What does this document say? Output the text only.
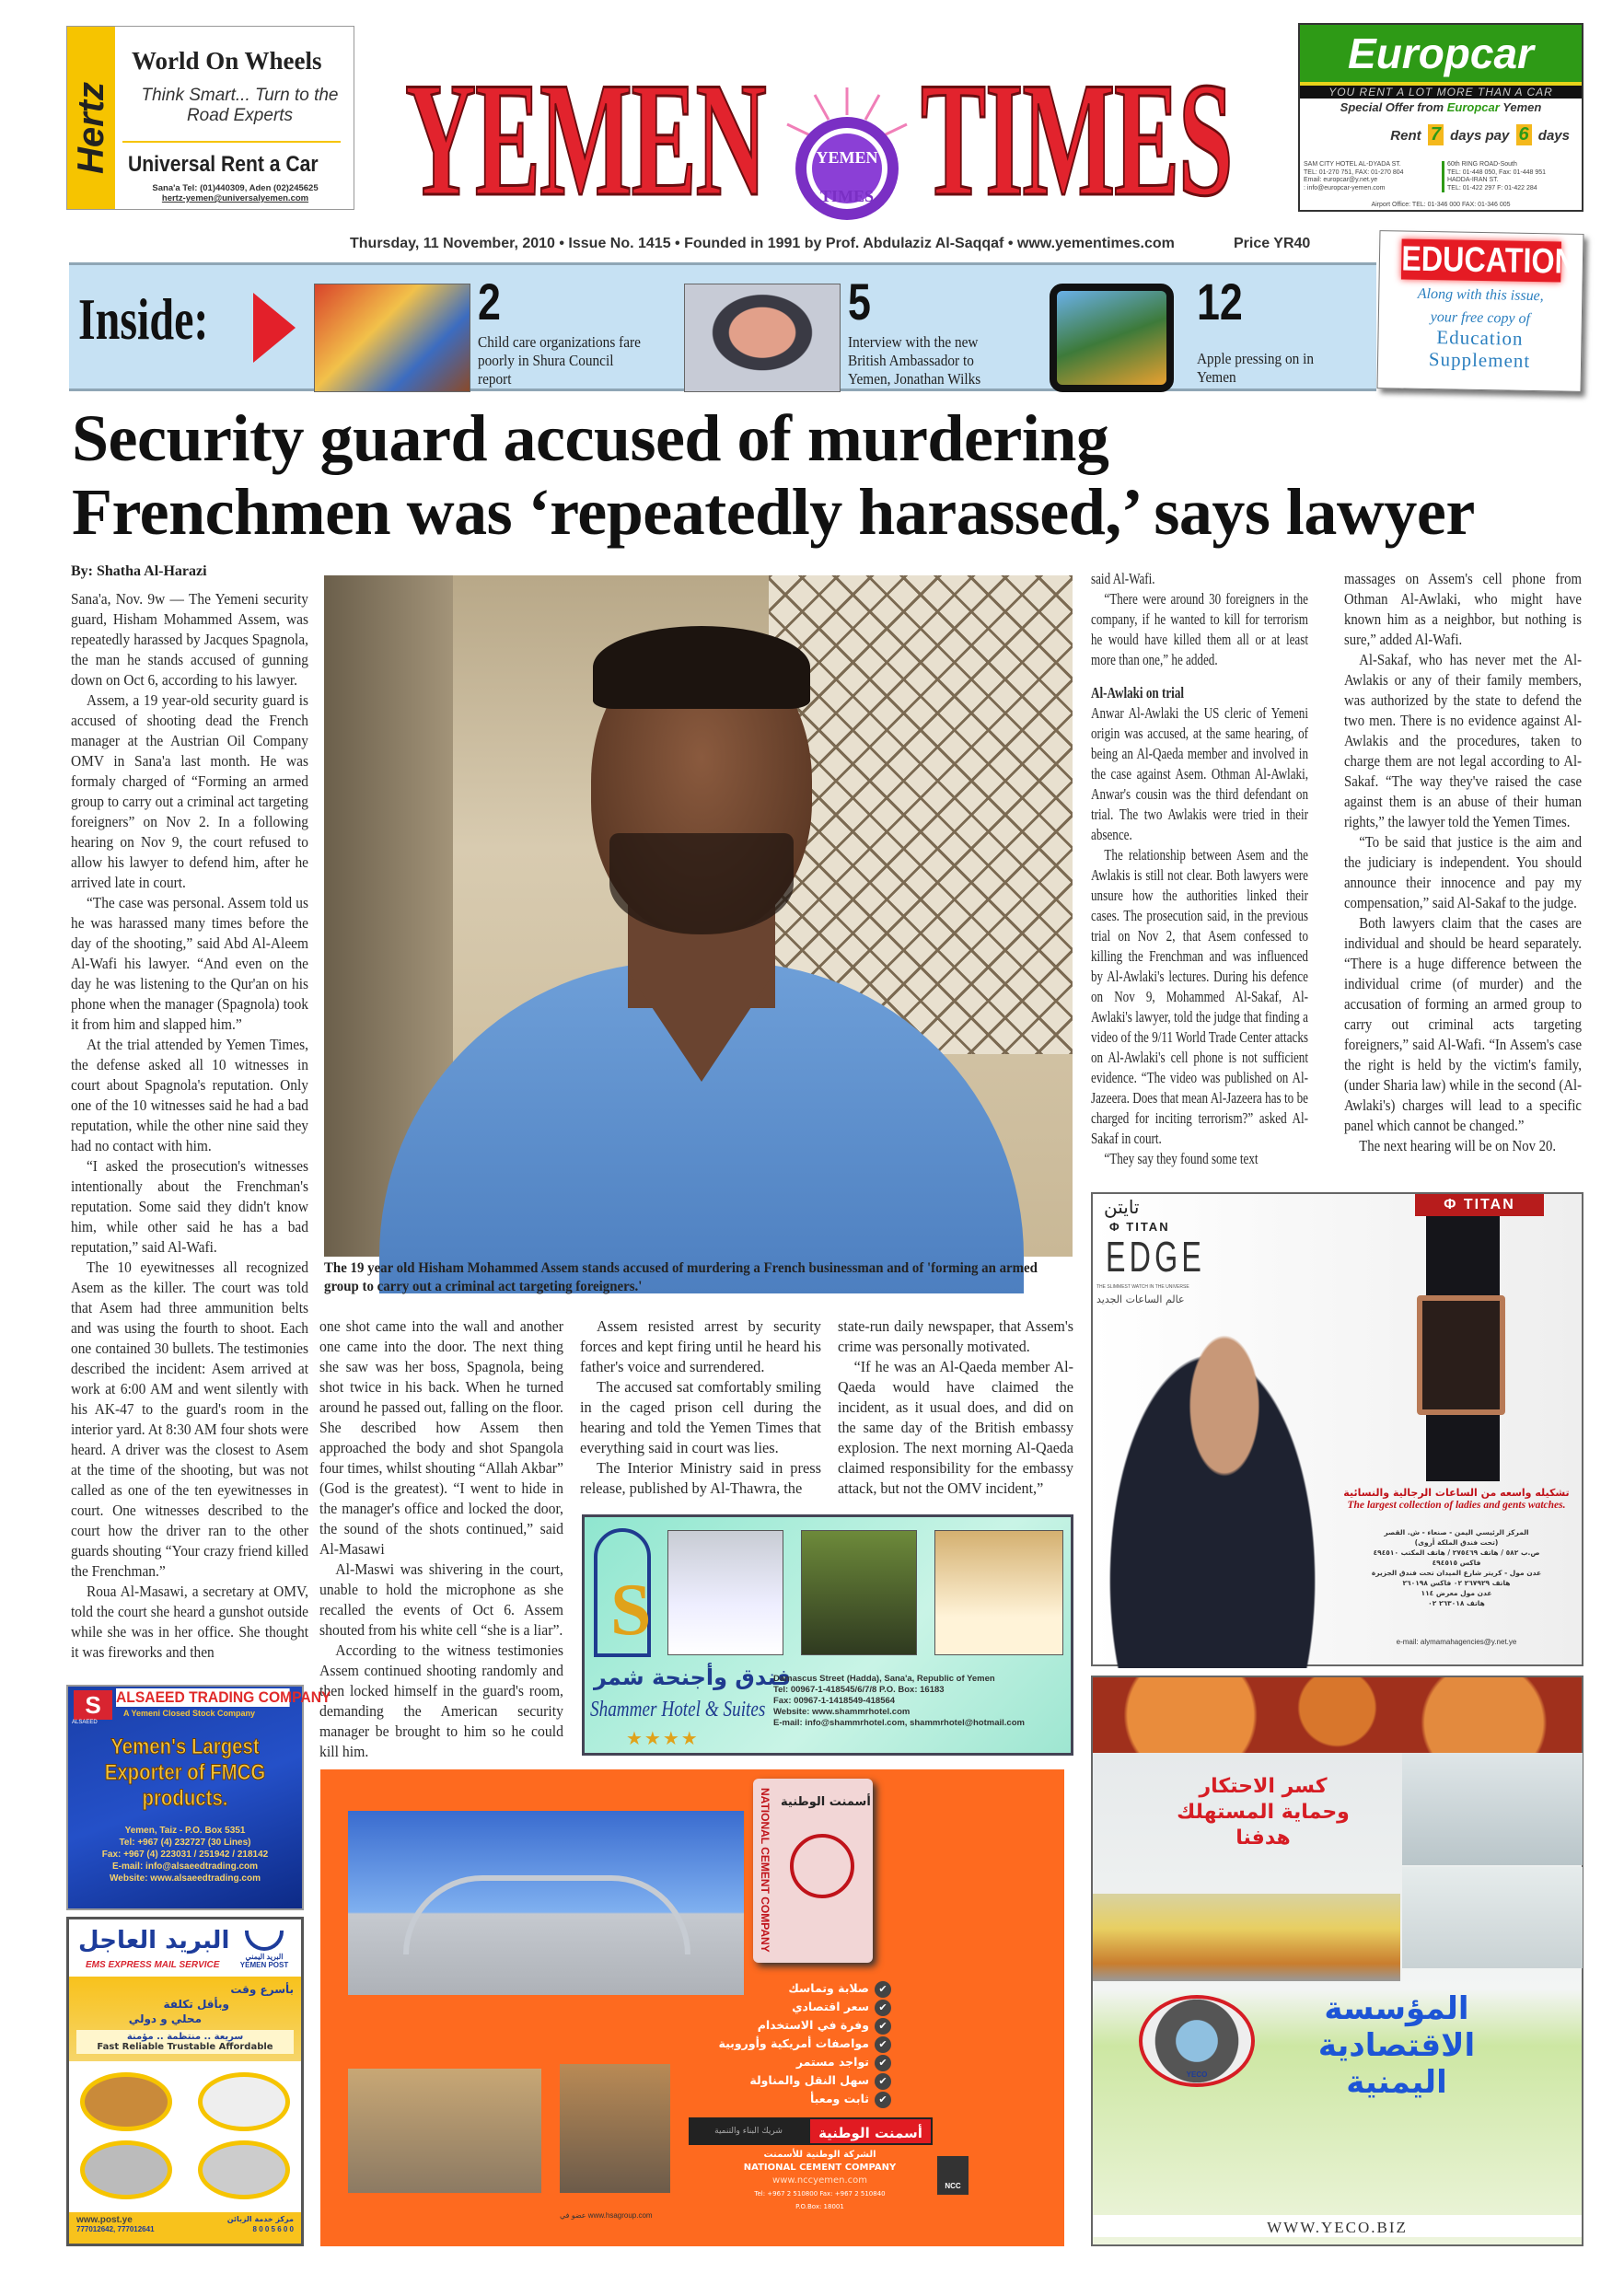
Hertz
World On Wheels
Think Smart... Turn to the Road Experts
Universal Rent a Car
Sana'a Tel: (01)440309, Aden (02)245625
hertz-yemen@universalyemen.com YEMEN	YEMEN
TIMES TIMES
Thursday, 11 November, 2010 • Issue No. 1415 • Founded in 1991 by Prof. Abdulaziz Al-Saqqaf • www.yementimes.com	Price YR40
Europcar
YOU RENT A LOT MORE THAN A CAR
Special Offer from Europcar Yemen
Rent 7 days pay 6 days
SAM CITY HOTEL AL-DYADA ST.
TEL: 01-270 751, FAX: 01-270 804
Email: europcar@y.net.ye
: info@europcar-yemen.com
60th RING ROAD-South
TEL: 01-448 050, Fax: 01-448 951
HADDA-IRAN ST.
TEL: 01-422 297 F: 01-422 284
Airport Office: TEL: 01-346 000 FAX: 01-346 005
Inside:	2
Child care organizations fare poorly in Shura Council report
5
Interview with the new British Ambassador to Yemen, Jonathan Wilks
12
Apple pressing on in Yemen
EDUCATION
Along with this issue,
your free copy of
Education
Supplement
Security guard accused of murdering
Frenchmen was ‘repeatedly harassed,’ says lawyer
By: Shatha Al-Harazi

Sana'a, Nov. 9w — The Yemeni security guard, Hisham Mohammed Assem, was repeatedly harassed by Jacques Spagnola, the man he stands accused of gunning down on Oct 6, according to his lawyer.

Assem, a 19 year-old security guard is accused of shooting dead the French manager at the Austrian Oil Company OMV in Sana'a last month. He was formaly charged of “Forming an armed group to carry out a criminal act targeting foreigners” on Nov 2. In a following hearing on Nov 9, the court refused to allow his lawyer to defend him, after he arrived late in court.

“The case was personal. Assem told us he was harassed many times before the day of the shooting,” said Abd Al-Aleem Al-Wafi his lawyer. “And even on the day he was listening to the Qur'an on his phone when the manager (Spagnola) took it from him and slapped him.”

At the trial attended by Yemen Times, the defense asked all 10 witnesses in court about Spagnola's reputation. Only one of the 10 witnesses said he had a bad reputation, while the other nine said they had no contact with him.

“I asked the prosecution's witnesses intentionally about the Frenchman's reputation. Some said they didn't know him, while other said he has a bad reputation,” said Al-Wafi.

The 10 eyewitnesses all recognized Asem as the killer. The court was told that Asem had three ammunition belts and was using the fourth to shoot. Each one contained 30 bullets. The testimonies described the incident: Asem arrived at work at 6:00 AM and went silently with his AK-47 to the guard's room in the interior yard. At 8:30 AM four shots were heard. A driver was the closest to Asem at the time of the shooting, but was not called as one of the ten eyewitnesses in court. One witnesses described to the court how the driver ran to the other guards shouting “Your crazy friend killed the Frenchman.”

Roua Al-Masawi, a secretary at OMV, told the court she heard a gunshot outside while she was in her office. She thought it was fireworks and then

The 19 year old Hisham Mohammed Assem stands accused of murdering a French businessman and of 'forming an armed group to carry out a criminal act targeting foreigners.'

said Al-Wafi.

“There were around 30 foreigners in the company, if he wanted to kill for terrorism he would have killed them all or at least more than one,” he added.

Al-Awlaki on trial

Anwar Al-Awlaki the US cleric of Yemeni origin was accused, at the same hearing, of being an Al-Qaeda member and involved in the case against Asem. Othman Al-Awlaki, Anwar's cousin was the third defendant on trial. The two Awlakis were tried in their absence.

The relationship between Asem and the Awlakis is still not clear. Both lawyers were unsure how the authorities linked their cases. The prosecution said, in the previous trial on Nov 2, that Asem confessed to killing the Frenchman and was influenced by Al-Awlaki's lectures. During his defence on Nov 9, Mohammed Al-Sakaf, Al-Awlaki's lawyer, told the judge that finding a video of the 9/11 World Trade Center attacks on Al-Awlaki's cell phone is not sufficient evidence. “The video was published on Al-Jazeera. Does that mean Al-Jazeera has to be charged for inciting terrorism?” asked Al-Sakaf in court.

“They say they found some text

massages on Assem's cell phone from Othman Al-Awlaki, who might have known him as a neighbor, but nothing is sure,” added Al-Wafi.

Al-Sakaf, who has never met the Al-Awlakis or any of their family members, was authorized by the state to defend the two men. There is no evidence against Al-Awlakis and the procedures, taken to charge them are not legal according to Al-Sakaf. “The way they've raised the case against them is an abuse of their human rights,” the lawyer told the Yemen Times.

“To be said that justice is the aim and the judiciary is independent. You should announce their innocence and pay my compensation,” said Al-Sakaf to the judge.

Both lawyers claim that the cases are individual and should be heard separately. “There is a huge difference between the individual crime (of murder) and the accusation of forming an armed group to carry out criminal acts targeting foreigners,” said Al-Wafi. “In Assem's case the right is held by the victim's family, (under Sharia law) while in the second (Al-Awlaki's) charges will lead to a specific panel which cannot be changed.”

The next hearing will be on Nov 20.

one shot came into the wall and another one came into the door. The next thing she saw was her boss, Spagnola, being shot twice in his back. When he turned around he passed out, falling on the floor. She described how Assem then approached the body and shot Spangola four times, whilst shouting “Allah Akbar” (God is the greatest). “I went to hide in the manager's office and locked the door, the sound of the shots continued,” said Al-Masawi

Al-Maswi was shivering in the court, unable to hold the microphone as she recalled the events of Oct 6. Assem shouted from his white cell “she is a liar”.

According to the witness testimonies Assem continued shooting randomly and then locked himself in the guard's room, demanding the American security manager be brought to him so he could kill him.

Assem resisted arrest by security forces and kept firing until he heard his father's voice and surrendered.

The accused sat comfortably smiling in the caged prison cell during the hearing and told the Yemen Times that everything said in court was lies.

The Interior Ministry said in press release, published by Al-Thawra, the

state-run daily newspaper, that Assem's crime was personally motivated.

“If he was an Al-Qaeda member Al-Qaeda would have claimed the incident, as it usual does, and did on the same day of the British embassy explosion. The next morning Al-Qaeda claimed responsibility for the embassy attack, but not the OMV incident,”

S
فندق وأجنحة شمر
Shammer Hotel & Suites
★★★★
Damascus Street (Hadda), Sana'a, Republic of Yemen
Tel: 00967-1-418545/6/7/8 P.O. Box: 16183
Fax: 00967-1-1418549-418564
Website: www.shammrhotel.com
E-mail: info@shammrhotel.com, shammrhotel@hotmail.com
S
ALSAEED
ALSAEED TRADING COMPANY
A Yemeni Closed Stock Company
Yemen's Largest Exporter of FMCG products.
Yemen, Taiz - P.O. Box 5351
Tel: +967 (4) 232727 (30 Lines)
Fax: +967 (4) 223031 / 251942 / 218142
E-mail: info@alsaeedtrading.com
Website: www.alsaeedtrading.com
البريد العاجل
EMS EXPRESS MAIL SERVICE
البريد اليمني
YEMEN POST
بأسرع وقت
وبأقل تكلفة
محلي و دولي
سريعة .. منتظمة .. مؤمنة
Fast Reliable Trustable Affordable
www.post.ye	مركز خدمة الزبائن
777012642, 777012641	8 0 0 5 6 0 0
NATIONAL CEMENT COMPANY أسمنت الوطنية
✔ صلابة وتماسك
✔ سعر اقتصادي
✔ وفرة في الاستخدام
✔ مواصفات أمريكية وأوروبية
✔ تواجد مستمر
✔ سهل النقل والمناولة
✔ ثابت ومعبأ
شريك البناء والتنمية	أسمنت الوطنية
الشركة الوطنية للأسمنت
NATIONAL CEMENT COMPANY
www.nccyemen.com
Tel: +967 2 510800 Fax: +967 2 510840
P.O.Box: 18001
NCC
عضو في www.hsagroup.com
تايتن
Φ TITAN
EDGE
THE SLIMMEST WATCH IN THE UNIVERSE
عالم الساعات الجديد
Φ TITAN
تشكيله واسعه من الساعات الرجالية والنسائية
The largest collection of ladies and gents watches.
المركز الرئيسي اليمن - صنعاء - ش. القصر
(تحت فندق الملكة أروى)
ص.ب ٥٨٢ / هاتف ٢٧٥٤٦٩ / هاتف المكتب ٤٩٤٥١٠
فاكس ٤٩٤٥١٥
عدن مول - كريتر شارع الميدان تحت فندق الجزيرة
هاتف ٢٦٧٩٢٩ ٠٢ فاكس ٢٦٠١٩٨
عدن مول معرض ١١٤
هاتف ٢٦٣٠١٨ ٠٢
e-mail: alymamahagencies@y.net.ye
كسر الاحتكار
وحماية المستهلك
هدفنا
YECO
المؤسسة
الاقتصادية
اليمنية
WWW.YECO.BIZ
